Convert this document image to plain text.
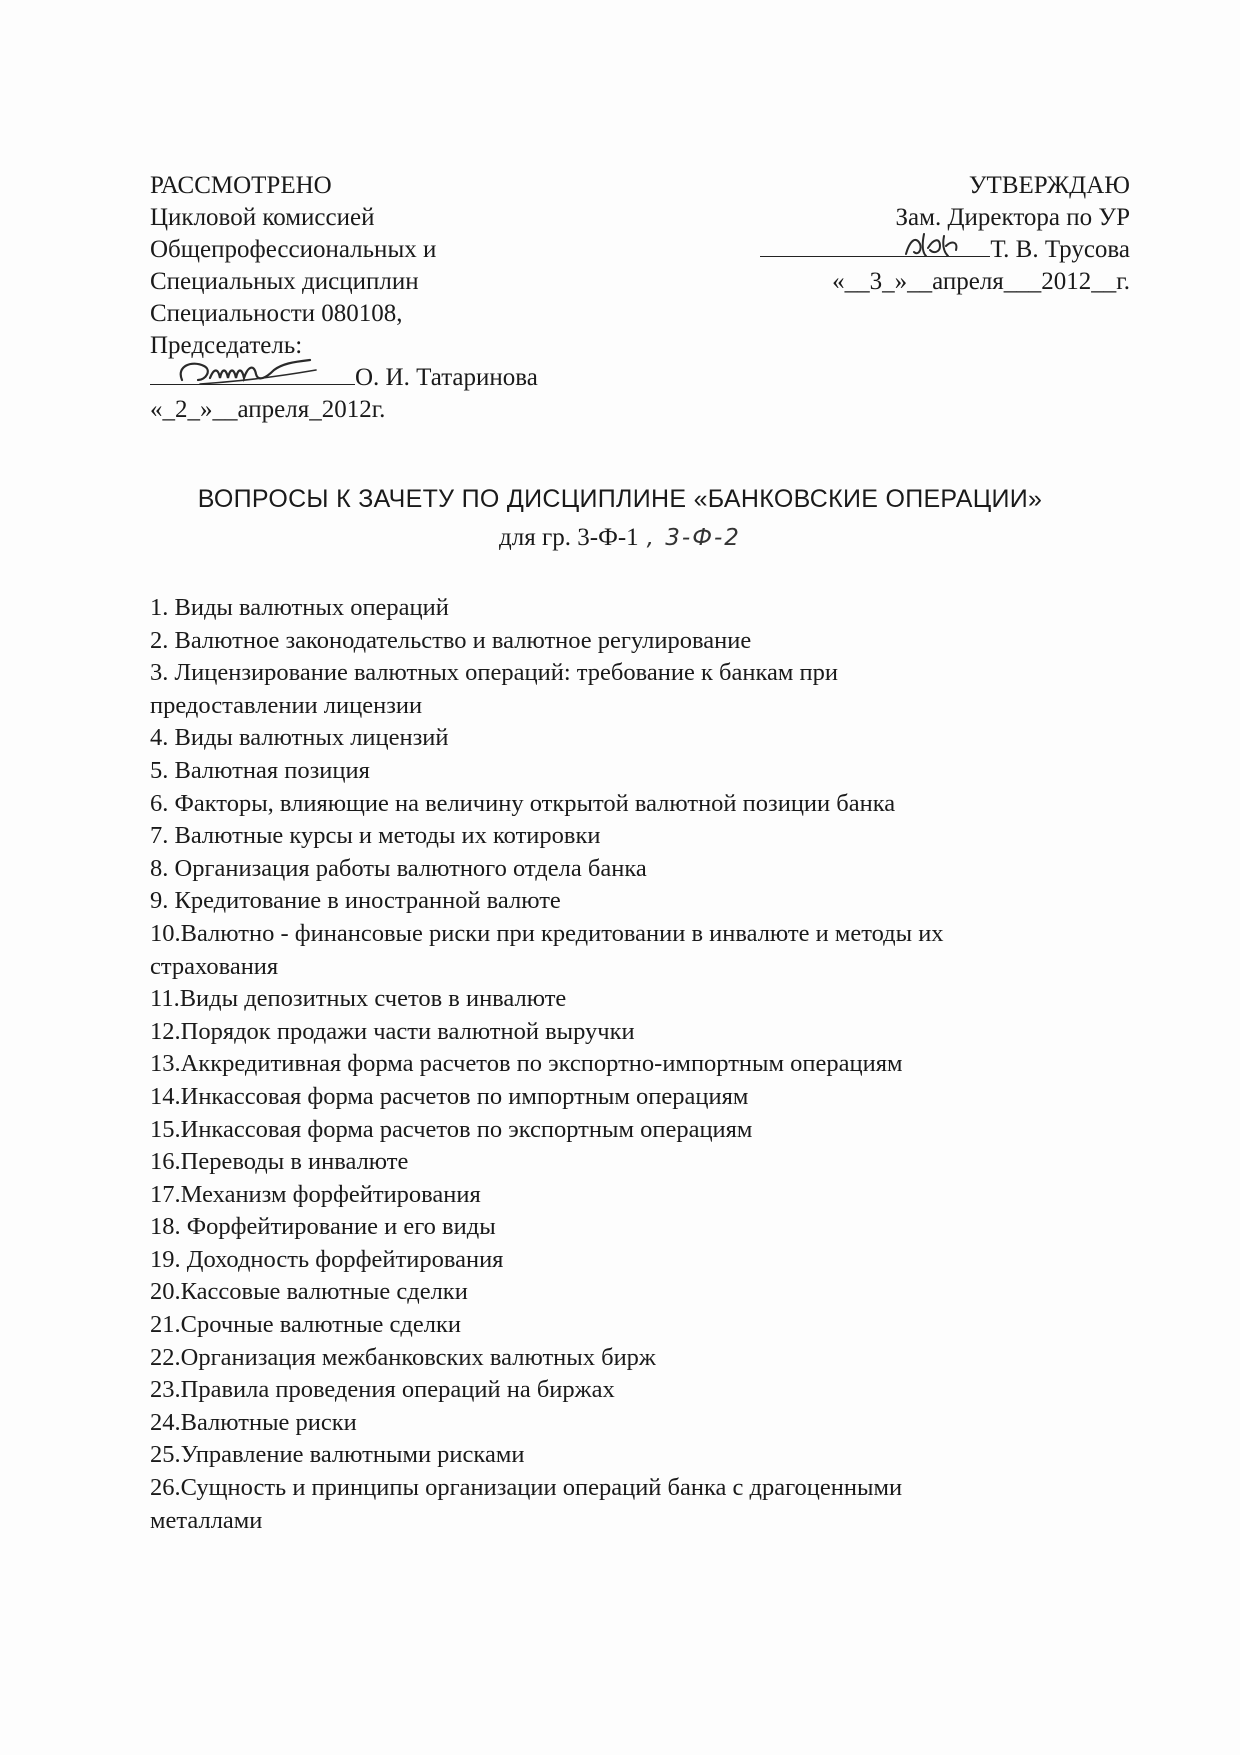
РАССМОТРЕНО
Цикловой комиссией
Общепрофессиональных и
Специальных дисциплин
Специальности 080108,
Председатель:
О. И. Татаринова
«_2_»__апреля_2012г.
УТВЕРЖДАЮ
Зам. Директора по УР
Т. В. Трусова
«__3_»__апреля___2012__г.
ВОПРОСЫ К ЗАЧЕТУ ПО ДИСЦИПЛИНЕ «БАНКОВСКИЕ ОПЕРАЦИИ»
для гр. 3-Ф-1 , 3-Ф-2
1. Виды валютных операций
2. Валютное законодательство и валютное регулирование
3. Лицензирование валютных операций: требование к банкам при
предоставлении лицензии
4. Виды валютных лицензий
5. Валютная позиция
6. Факторы, влияющие на величину открытой валютной позиции банка
7. Валютные курсы и методы их котировки
8. Организация работы валютного отдела банка
9. Кредитование в иностранной валюте
10.Валютно - финансовые риски при кредитовании в инвалюте и методы их
страхования
11.Виды депозитных счетов в инвалюте
12.Порядок продажи части валютной выручки
13.Аккредитивная форма расчетов по экспортно-импортным операциям
14.Инкассовая форма расчетов по импортным операциям
15.Инкассовая форма расчетов по экспортным операциям
16.Переводы в инвалюте
17.Механизм форфейтирования
18. Форфейтирование и его виды
19. Доходность форфейтирования
20.Кассовые валютные сделки
21.Срочные валютные сделки
22.Организация межбанковских валютных бирж
23.Правила проведения операций на биржах
24.Валютные риски
25.Управление валютными рисками
26.Сущность и принципы организации операций банка с драгоценными
металлами
